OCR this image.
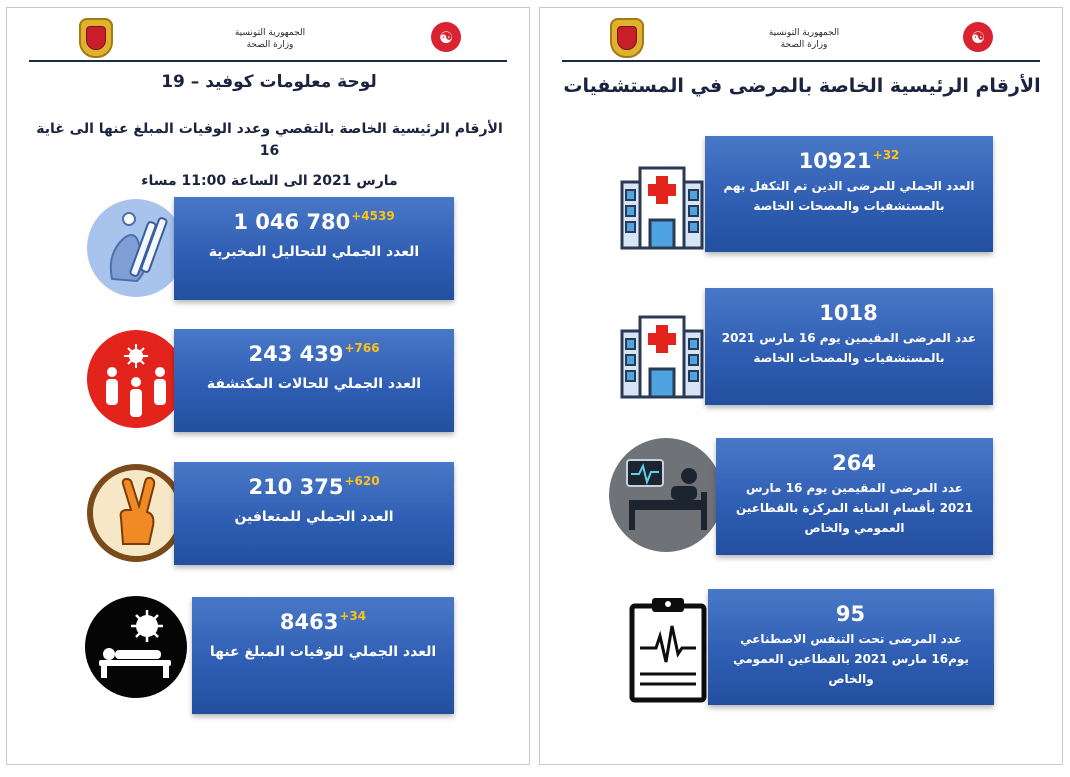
الجمهورية التونسية
وزارة الصحة	☯
لوحة معلومات كوفيد – 19
الأرقام الرئيسية الخاصة بالتقصي وعدد الوفيات المبلغ عنها الى غاية 16
مارس 2021 الى الساعة 11:00 مساء
1 046 $780^{+4539}$
العدد الجملي للتحاليل المخبرية
243 $439^{+766}$
العدد الجملي للحالات المكتشفة
210 $375^{+620}$
العدد الجملي للمتعافين
$8463^{+34}$
العدد الجملي للوفيات المبلغ عنها
الجمهورية التونسية
وزارة الصحة	☯
الأرقام الرئيسية الخاصة بالمرضى في المستشفيات
$10921^{+32}$
العدد الجملي للمرضى الذين تم التكفل بهم بالمستشفيات والمصحات الخاصة
1018
عدد المرضى المقيمين يوم 16 مارس 2021 بالمستشفيات والمصحات الخاصة
264
عدد المرضى المقيمين يوم 16 مارس 2021 بأقسام العناية المركزة بالقطاعين العمومي والخاص
95
عدد المرضى تحت التنفس الاصطناعي يوم16 مارس 2021 بالقطاعين العمومي والخاص
